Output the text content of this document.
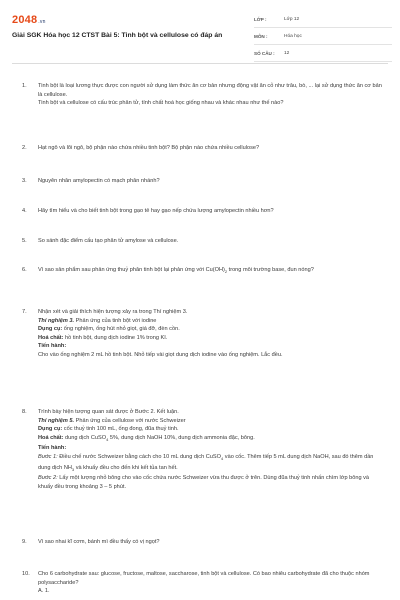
2048.vn
Giải SGK Hóa học 12 CTST Bài 5: Tinh bột và cellulose có đáp án
LỚP :	Lớp 12
MÔN :	Hóa học
SỐ CÂU :	12
1.	Tinh bột là loại lương thực được con người sử dụng làm thức ăn cơ bản nhưng động vật ăn cỏ như trâu, bò, ... lại sử dụng thức ăn cơ bản là cellulose.

Tinh bột và cellulose có cấu trúc phân tử, tính chất hoá học giống nhau và khác nhau như thế nào?

2.	Hạt ngô và lõi ngô, bộ phận nào chứa nhiều tinh bột? Bộ phận nào chứa nhiều cellulose?

3.	Nguyên nhân amylopectin có mạch phân nhánh?

4.	Hãy tìm hiểu và cho biết tinh bột trong gạo tẻ hay gạo nếp chứa lượng amylopectin nhiều hơn?

5.	So sánh đặc điểm cấu tạo phân tử amylose và cellulose.

6.	Vì sao sản phẩm sau phản ứng thuỷ phân tinh bột lại phản ứng với $Cu(OH)_2$ trong môi trường base, đun nóng?

7.	Nhận xét và giải thích hiện tượng xảy ra trong Thí nghiệm 3.

Thí nghiệm 3. Phản ứng của tinh bột với iodine

Dụng cụ: ống nghiệm, ống hút nhỏ giọt, giá đỡ, đèn cồn.

Hoá chất: hồ tinh bột, dung dịch iodine 1% trong KI.

Tiến hành:

Cho vào ống nghiệm 2 mL hồ tinh bột. Nhỏ tiếp vài giọt dung dịch iodine vào ống nghiệm. Lắc đều.

8.	Trình bày hiện tượng quan sát được ở Bước 2. Kết luận.

Thí nghiệm 5. Phản ứng của cellulose với nước Schweizer

Dụng cụ: cốc thuỷ tinh 100 mL, ống đong, đũa thuỷ tinh.

Hoá chất: dung dịch CuSO$_4$ 5%, dung dịch NaOH 10%, dung dịch ammonia đặc, bông.

Tiến hành:

Bước 1: Điều chế nước Schweizer bằng cách cho 10 mL dung dịch CuSO$_4$ vào cốc. Thêm tiếp 5 mL dung dịch NaOH, sau đó thêm dần dung dịch $NH_3$ và khuấy đều cho đến khi kết tủa tan hết.

Bước 2: Lấy một lượng nhỏ bông cho vào cốc chứa nước Schweizer vừa thu được ở trên. Dùng đũa thuỷ tinh nhấn chìm lớp bông và khuấy đều trong khoảng 3 – 5 phút.

9.	Vì sao nhai kĩ cơm, bánh mì đều thấy có vị ngọt?

10.	Cho 6 carbohydrate sau: glucose, fructose, maltose, saccharose, tinh bột và cellulose. Có bao nhiêu carbohydrate đã cho thuộc nhóm polysaccharide?

A. 1.
